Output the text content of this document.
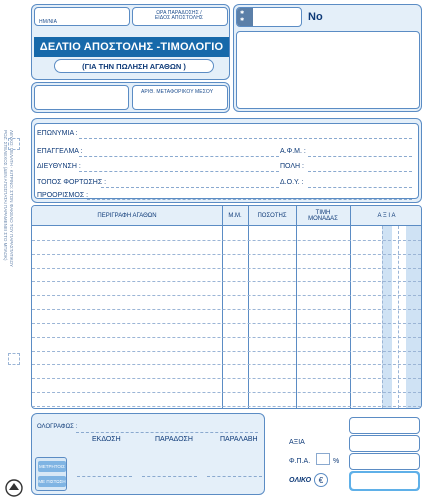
ΡΟΖ: ΣΤΕΛΕΧΟΣ (ΔΕΝ ΑΠΟΣΠΑΤΑΙ ΠΑΡΑΜΕΝΕΙ ΣΤΟ ΜΠΛΟΚ) ΛΕΥΚΟ: ΠΕΛΑΤΗ · ΚΙΤΡΙΝΟ: ΣΤΟΝ ΦΑΚΕΛΟ ΤΟΥ ΠΑΡΑΣΤΑΤΙΚΟΥ
ΗΜ/ΝΙΑ
ΩΡΑ ΠΑΡΑΔΟΣΗΣ / ΕΙΔΟΣ ΑΠΟΣΤΟΛΗΣ
ΔΕΛΤΙΟ ΑΠΟΣΤΟΛΗΣ -ΤΙΜΟΛΟΓΙΟ
(ΓΙΑ ΤΗΝ ΠΩΛΗΣΗ ΑΓΑΘΩΝ )
ΑΡΙΘ. ΜΕΤΑΦΟΡΙΚΟΥ ΜΕΣΟΥ
✱
✱	No
ΕΠΩΝΥΜΙΑ :
ΕΠΑΓΓΕΛΜΑ :	Α.Φ.Μ. :
ΔΙΕΥΘΥΝΣΗ :	ΠΟΛΗ :
ΤΟΠΟΣ ΦΟΡΤΩΣΗΣ :	Δ.Ο.Υ. :
ΠΡΟΟΡΙΣΜΟΣ :
ΠΕΡΙΓΡΑΦΗ ΑΓΑΘΩΝ	Μ.Μ.	ΠΟΣΟΤΗΣ	ΤΙΜΗ ΜΟΝΑΔΑΣ	Α Ξ Ι Α
ΟΛΟΓΡΑΦΩΣ :
ΜΕΤΡΗΤΟΙΣ
ΜΕ ΠΙΣΤΩΣΗ
ΕΚΔΟΣΗ	ΠΑΡΑΔΟΣΗ	ΠΑΡΑΛΑΒΗ	ΑΞΙΑ
Φ.Π.Α.	%
ΟΛΙΚΟ €
